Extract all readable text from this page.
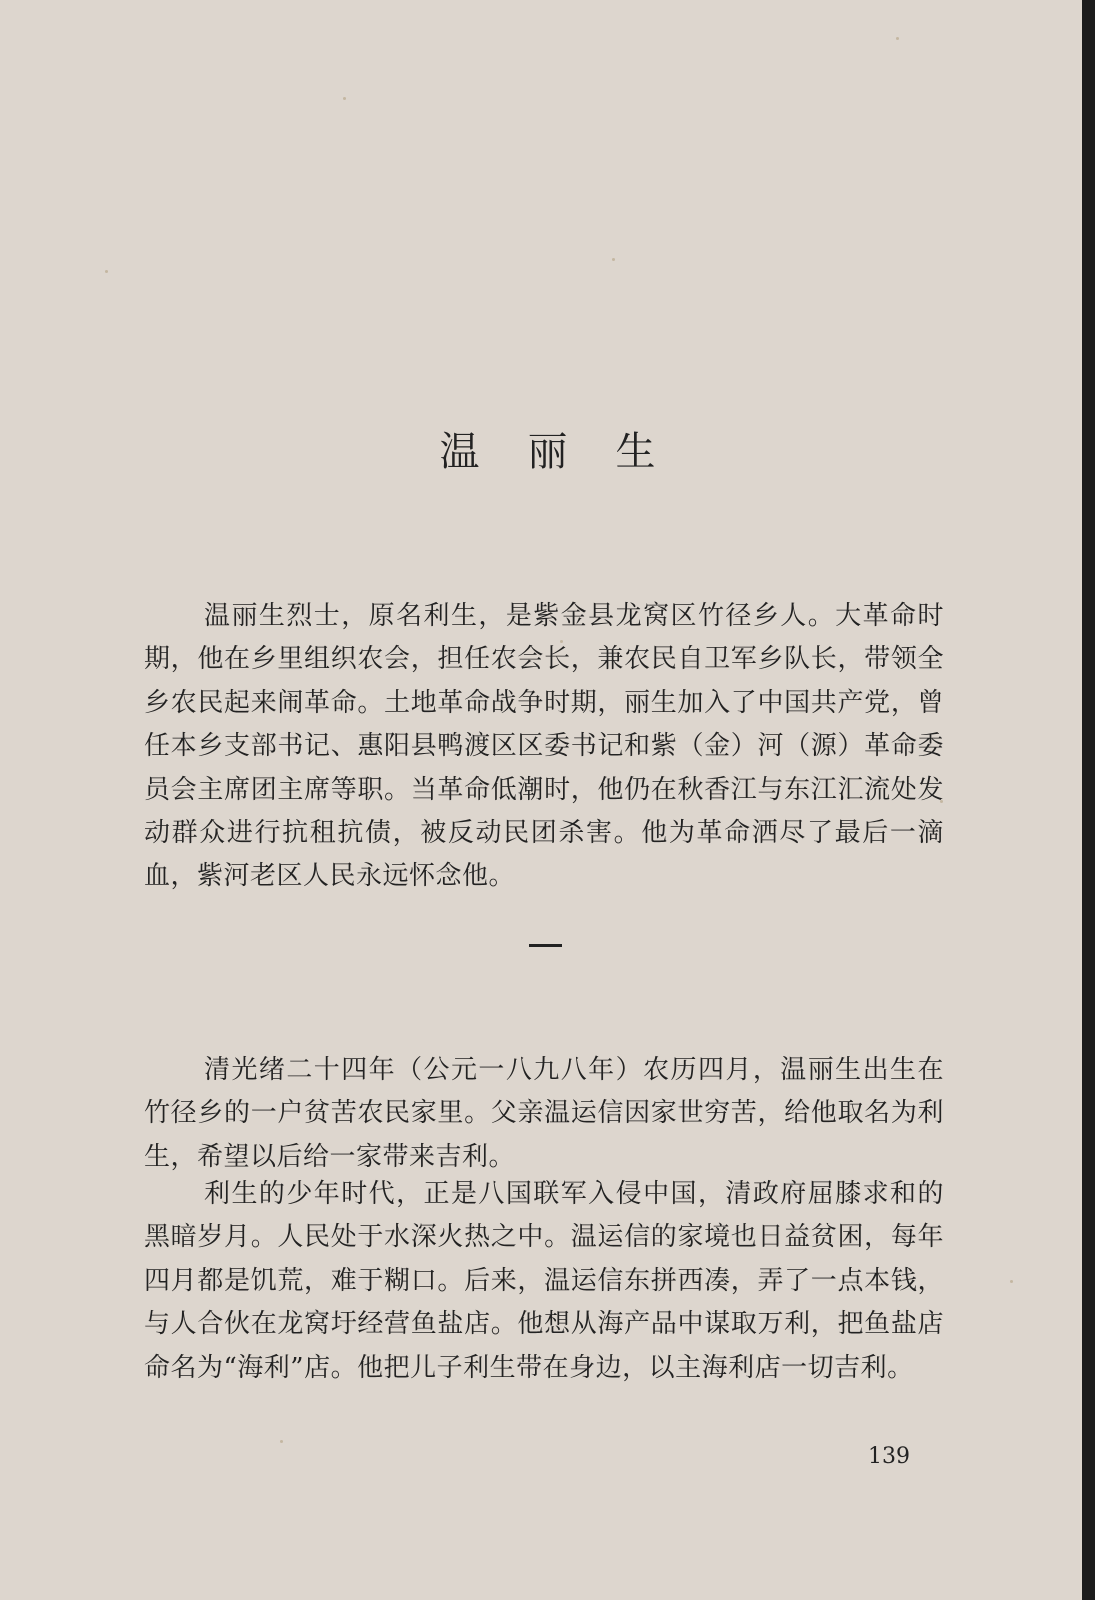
温丽生

温丽生烈士，原名利生，是紫金县龙窝区竹径乡人。大革命时期，他在乡里组织农会，担任农会长，兼农民自卫军乡队长，带领全乡农民起来闹革命。土地革命战争时期，丽生加入了中国共产党，曾任本乡支部书记、惠阳县鸭渡区区委书记和紫（金）河（源）革命委员会主席团主席等职。当革命低潮时，他仍在秋香江与东江汇流处发动群众进行抗租抗债，被反动民团杀害。他为革命洒尽了最后一滴血，紫河老区人民永远怀念他。

清光绪二十四年（公元一八九八年）农历四月，温丽生出生在竹径乡的一户贫苦农民家里。父亲温运信因家世穷苦，给他取名为利生，希望以后给一家带来吉利。

利生的少年时代，正是八国联军入侵中国，清政府屈膝求和的黑暗岁月。人民处于水深火热之中。温运信的家境也日益贫困，每年四月都是饥荒，难于糊口。后来，温运信东拼西凑，弄了一点本钱，与人合伙在龙窝圩经营鱼盐店。他想从海产品中谋取万利，把鱼盐店命名为“海利”店。他把儿子利生带在身边，以主海利店一切吉利。

139
